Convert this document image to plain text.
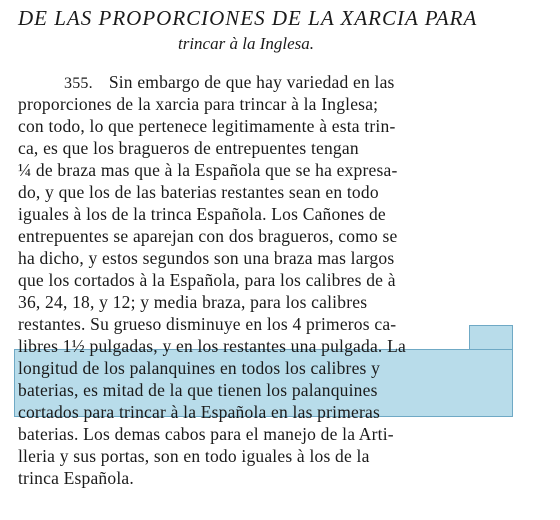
DE LAS PROPORCIONES DE LA XARCIA PARA
trincar à la Inglesa.
355. Sin embargo de que hay variedad en las
proporciones de la xarcia para trincar à la Inglesa;
con todo, lo que pertenece legitimamente à esta trin-
ca, es que los bragueros de entrepuentes tengan
¼ de braza mas que à la Española que se ha expresa-
do, y que los de las baterias restantes sean en todo
iguales à los de la trinca Española. Los Cañones de
entrepuentes se aparejan con dos bragueros, como se
ha dicho, y estos segundos son una braza mas largos
que los cortados à la Española, para los calibres de à
36, 24, 18, y 12; y media braza, para los calibres
restantes. Su grueso disminuye en los 4 primeros ca-
libres 1½ pulgadas, y en los restantes una pulgada. La
longitud de los palanquines en todos los calibres y
baterias, es mitad de la que tienen los palanquines
cortados para trincar à la Española en las primeras
baterias. Los demas cabos para el manejo de la Arti-
lleria y sus portas, son en todo iguales à los de la
trinca Española.
